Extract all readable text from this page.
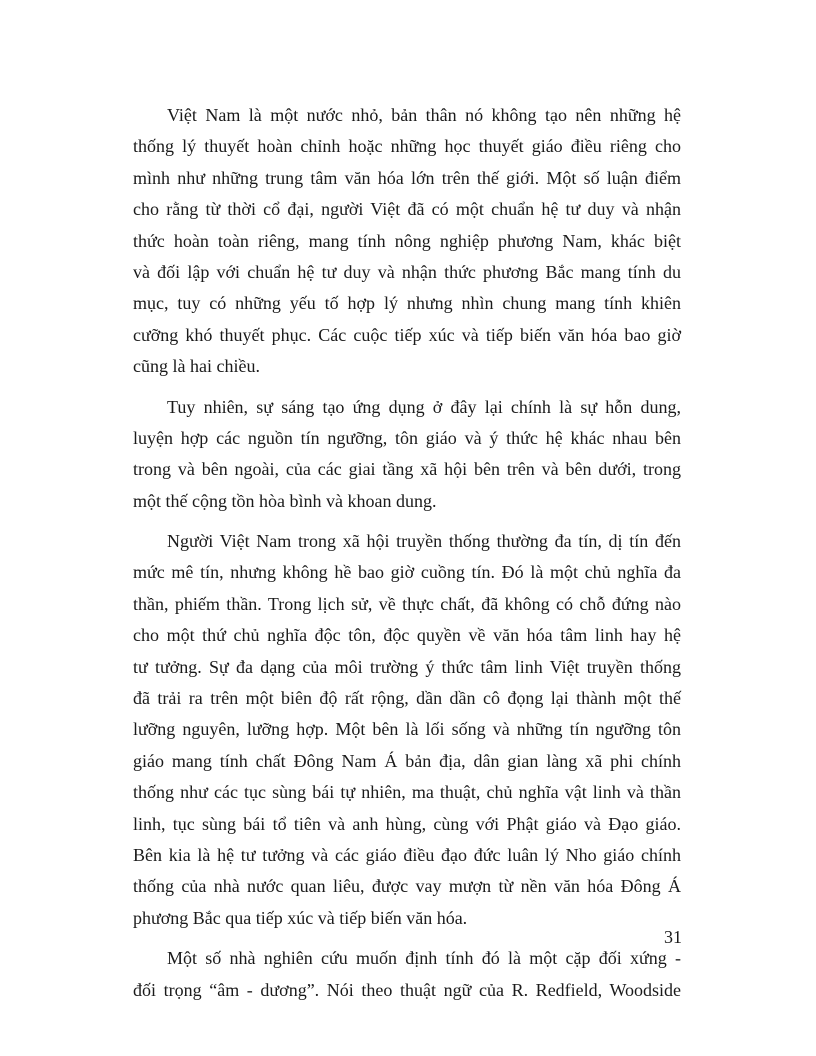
Việt Nam là một nước nhỏ, bản thân nó không tạo nên những hệ
thống lý thuyết hoàn chỉnh hoặc những học thuyết giáo điều riêng cho
mình như những trung tâm văn hóa lớn trên thế giới. Một số luận điểm
cho rằng từ thời cổ đại, người Việt đã có một chuẩn hệ tư duy và nhận
thức hoàn toàn riêng, mang tính nông nghiệp phương Nam, khác biệt
và đối lập với chuẩn hệ tư duy và nhận thức phương Bắc mang tính du
mục, tuy có những yếu tố hợp lý nhưng nhìn chung mang tính khiên
cưỡng khó thuyết phục. Các cuộc tiếp xúc và tiếp biến văn hóa bao giờ
cũng là hai chiều.
Tuy nhiên, sự sáng tạo ứng dụng ở đây lại chính là sự hỗn dung,
luyện hợp các nguồn tín ngưỡng, tôn giáo và ý thức hệ khác nhau bên
trong và bên ngoài, của các giai tầng xã hội bên trên và bên dưới, trong
một thế cộng tồn hòa bình và khoan dung.
Người Việt Nam trong xã hội truyền thống thường đa tín, dị tín đến
mức mê tín, nhưng không hề bao giờ cuồng tín. Đó là một chủ nghĩa đa
thần, phiếm thần. Trong lịch sử, về thực chất, đã không có chỗ đứng nào
cho một thứ chủ nghĩa độc tôn, độc quyền về văn hóa tâm linh hay hệ
tư tưởng. Sự đa dạng của môi trường ý thức tâm linh Việt truyền thống
đã trải ra trên một biên độ rất rộng, dần dần cô đọng lại thành một thế
lưỡng nguyên, lưỡng hợp. Một bên là lối sống và những tín ngưỡng tôn
giáo mang tính chất Đông Nam Á bản địa, dân gian làng xã phi chính
thống như các tục sùng bái tự nhiên, ma thuật, chủ nghĩa vật linh và thần
linh, tục sùng bái tổ tiên và anh hùng, cùng với Phật giáo và Đạo giáo.
Bên kia là hệ tư tưởng và các giáo điều đạo đức luân lý Nho giáo chính
thống của nhà nước quan liêu, được vay mượn từ nền văn hóa Đông Á
phương Bắc qua tiếp xúc và tiếp biến văn hóa.
Một số nhà nghiên cứu muốn định tính đó là một cặp đối xứng -
đối trọng “âm - dương”. Nói theo thuật ngữ của R. Redfield, Woodside
31
